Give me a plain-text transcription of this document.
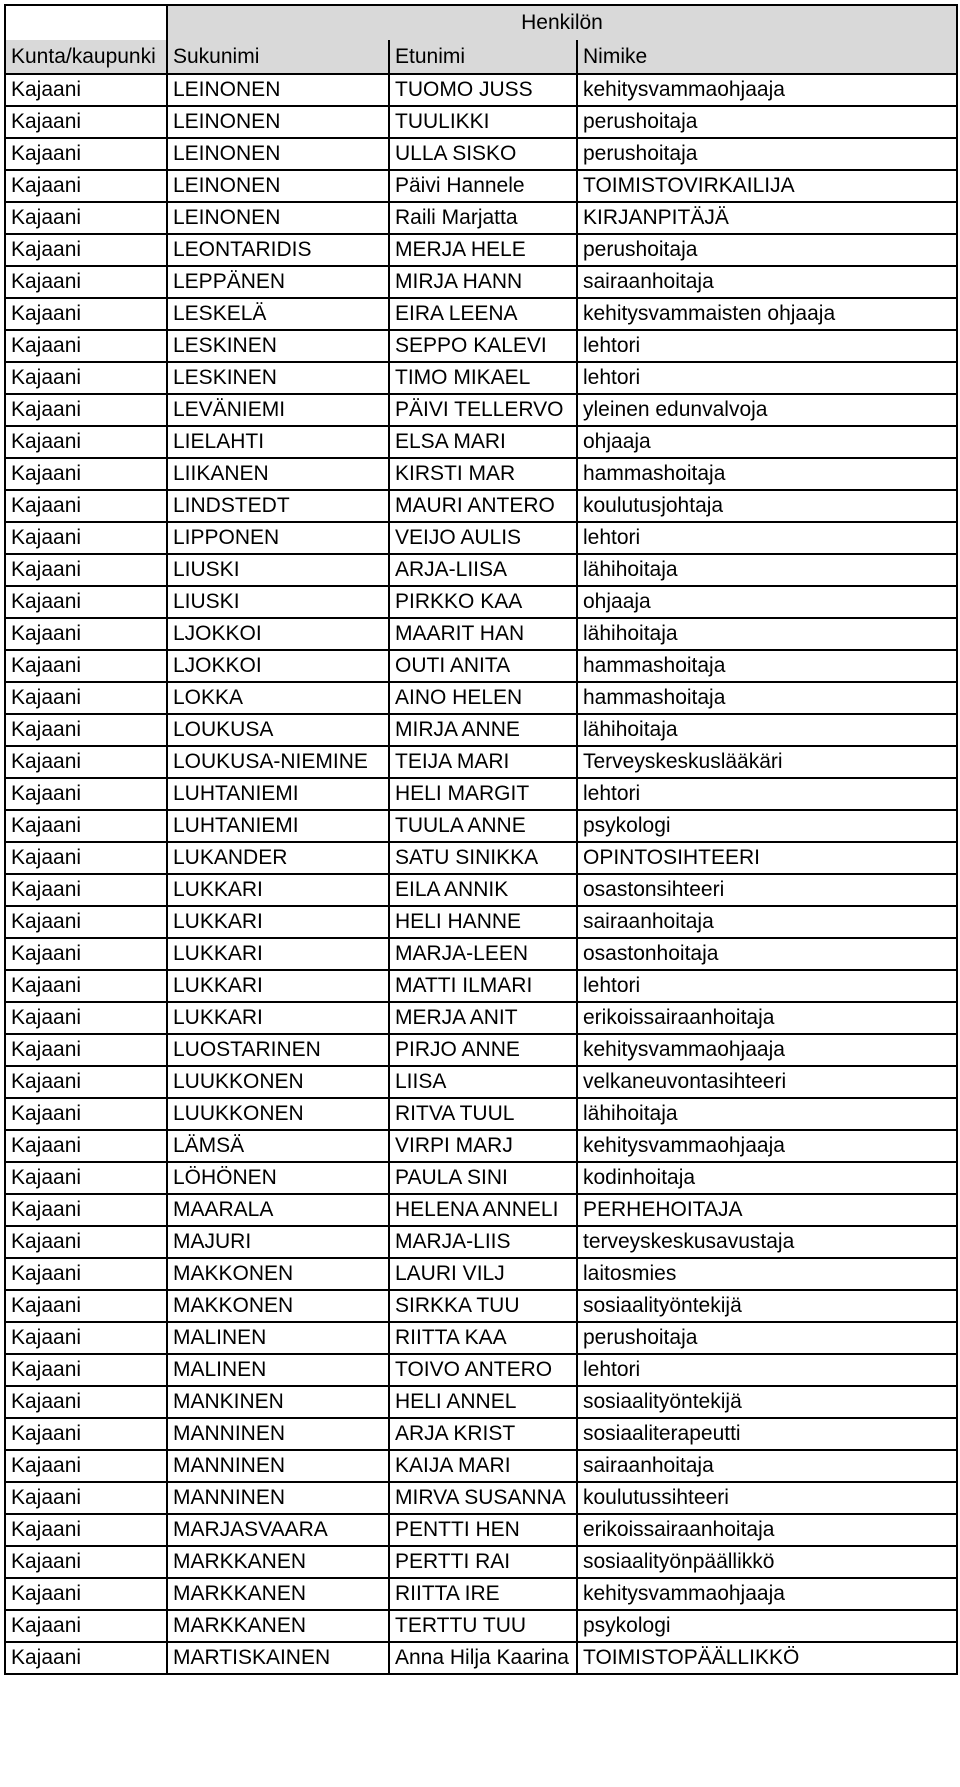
	Henkilön		
Kunta/kaupunki	Sukunimi	Etunimi	Nimike
Kajaani	LEINONEN	TUOMO JUSS	kehitysvammaohjaaja
Kajaani	LEINONEN	TUULIKKI	perushoitaja
Kajaani	LEINONEN	ULLA SISKO	perushoitaja
Kajaani	LEINONEN	Päivi Hannele	TOIMISTOVIRKAILIJA
Kajaani	LEINONEN	Raili Marjatta	KIRJANPITÄJÄ
Kajaani	LEONTARIDIS	MERJA HELE	perushoitaja
Kajaani	LEPPÄNEN	MIRJA HANN	sairaanhoitaja
Kajaani	LESKELÄ	EIRA LEENA	kehitysvammaisten ohjaaja
Kajaani	LESKINEN	SEPPO KALEVI	lehtori
Kajaani	LESKINEN	TIMO MIKAEL	lehtori
Kajaani	LEVÄNIEMI	PÄIVI TELLERVO	yleinen edunvalvoja
Kajaani	LIELAHTI	ELSA MARI	ohjaaja
Kajaani	LIIKANEN	KIRSTI MAR	hammashoitaja
Kajaani	LINDSTEDT	MAURI ANTERO	koulutusjohtaja
Kajaani	LIPPONEN	VEIJO AULIS	lehtori
Kajaani	LIUSKI	ARJA-LIISA	lähihoitaja
Kajaani	LIUSKI	PIRKKO KAA	ohjaaja
Kajaani	LJOKKOI	MAARIT HAN	lähihoitaja
Kajaani	LJOKKOI	OUTI ANITA	hammashoitaja
Kajaani	LOKKA	AINO HELEN	hammashoitaja
Kajaani	LOUKUSA	MIRJA ANNE	lähihoitaja
Kajaani	LOUKUSA-NIEMINE	TEIJA MARI	Terveyskeskuslääkäri
Kajaani	LUHTANIEMI	HELI MARGIT	lehtori
Kajaani	LUHTANIEMI	TUULA ANNE	psykologi
Kajaani	LUKANDER	SATU SINIKKA	OPINTOSIHTEERI
Kajaani	LUKKARI	EILA ANNIK	osastonsihteeri
Kajaani	LUKKARI	HELI HANNE	sairaanhoitaja
Kajaani	LUKKARI	MARJA-LEEN	osastonhoitaja
Kajaani	LUKKARI	MATTI ILMARI	lehtori
Kajaani	LUKKARI	MERJA ANIT	erikoissairaanhoitaja
Kajaani	LUOSTARINEN	PIRJO ANNE	kehitysvammaohjaaja
Kajaani	LUUKKONEN	LIISA	velkaneuvontasihteeri
Kajaani	LUUKKONEN	RITVA TUUL	lähihoitaja
Kajaani	LÄMSÄ	VIRPI MARJ	kehitysvammaohjaaja
Kajaani	LÖHÖNEN	PAULA SINI	kodinhoitaja
Kajaani	MAARALA	HELENA ANNELI	PERHEHOITAJA
Kajaani	MAJURI	MARJA-LIIS	terveyskeskusavustaja
Kajaani	MAKKONEN	LAURI VILJ	laitosmies
Kajaani	MAKKONEN	SIRKKA TUU	sosiaalityöntekijä
Kajaani	MALINEN	RIITTA KAA	perushoitaja
Kajaani	MALINEN	TOIVO ANTERO	lehtori
Kajaani	MANKINEN	HELI ANNEL	sosiaalityöntekijä
Kajaani	MANNINEN	ARJA KRIST	sosiaaliterapeutti
Kajaani	MANNINEN	KAIJA MARI	sairaanhoitaja
Kajaani	MANNINEN	MIRVA SUSANNA	koulutussihteeri
Kajaani	MARJASVAARA	PENTTI HEN	erikoissairaanhoitaja
Kajaani	MARKKANEN	PERTTI RAI	sosiaalityönpäällikkö
Kajaani	MARKKANEN	RIITTA IRE	kehitysvammaohjaaja
Kajaani	MARKKANEN	TERTTU TUU	psykologi
Kajaani	MARTISKAINEN	Anna Hilja Kaarina	TOIMISTOPÄÄLLIKKÖ
